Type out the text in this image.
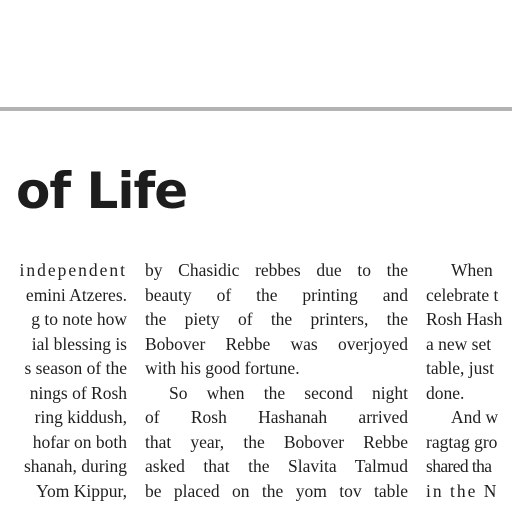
of Life
independent
emini Atzeres.
g to note how
ial blessing is
s season of the
nings of Rosh
ring kiddush,
hofar on both
shanah, during
Yom Kippur,
by Chasidic rebbes due to the
beauty of the printing and
the piety of the printers, the
Bobover Rebbe was overjoyed
with his good fortune.
So when the second night
of Rosh Hashanah arrived
that year, the Bobover Rebbe
asked that the Slavita Talmud
be placed on the yom tov table
When
celebrate t
Rosh Hash
a new set
table, just
done.
And w
ragtag gro
shared tha
in the N
